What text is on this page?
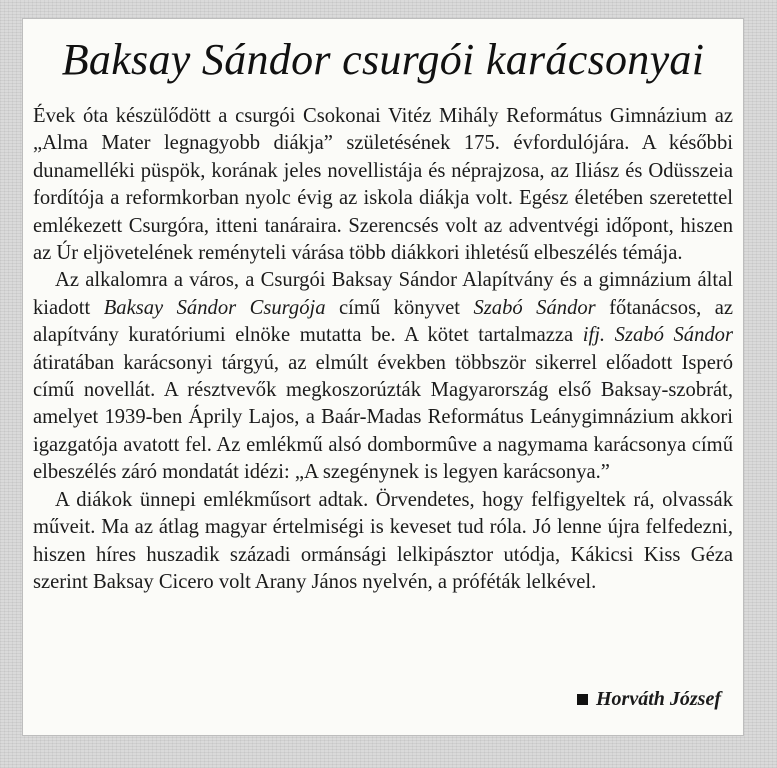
Baksay Sándor csurgói karácsonyai

Évek óta készülődött a csurgói Csokonai Vitéz Mihály Református Gimnázium az „Alma Mater legnagyobb diákja” születésének 175. évfordulójára. A későbbi dunamelléki püspök, korának jeles novellistája és néprajzosa, az Iliász és Odüsszeia fordítója a reformkorban nyolc évig az iskola diákja volt. Egész életében szeretettel emlékezett Csurgóra, itteni tanáraira. Szerencsés volt az adventvégi időpont, hiszen az Úr eljövetelének reményteli várása több diákkori ihletésű elbeszélés témája.

Az alkalomra a város, a Csurgói Baksay Sándor Alapítvány és a gimnázium által kiadott Baksay Sándor Csurgója című könyvet Szabó Sándor főtanácsos, az alapítvány kuratóriumi elnöke mutatta be. A kötet tartalmazza ifj. Szabó Sándor átiratában karácsonyi tárgyú, az elmúlt években többször sikerrel előadott Isperó című novellát. A résztvevők megkoszorúzták Magyarország első Baksay-szobrát, amelyet 1939-ben Áprily Lajos, a Baár-Madas Református Leánygimnázium akkori igazgatója avatott fel. Az emlékmű alsó dombormûve a nagymama karácsonya című elbeszélés záró mondatát idézi: „A szegénynek is legyen karácsonya.”

A diákok ünnepi emlékműsort adtak. Örvendetes, hogy felfigyeltek rá, olvassák műveit. Ma az átlag magyar értelmiségi is keveset tud róla. Jó lenne újra felfedezni, hiszen híres huszadik századi ormánsági lelkipásztor utódja, Kákicsi Kiss Géza szerint Baksay Cicero volt Arany János nyelvén, a próféták lelkével.

Horváth József
